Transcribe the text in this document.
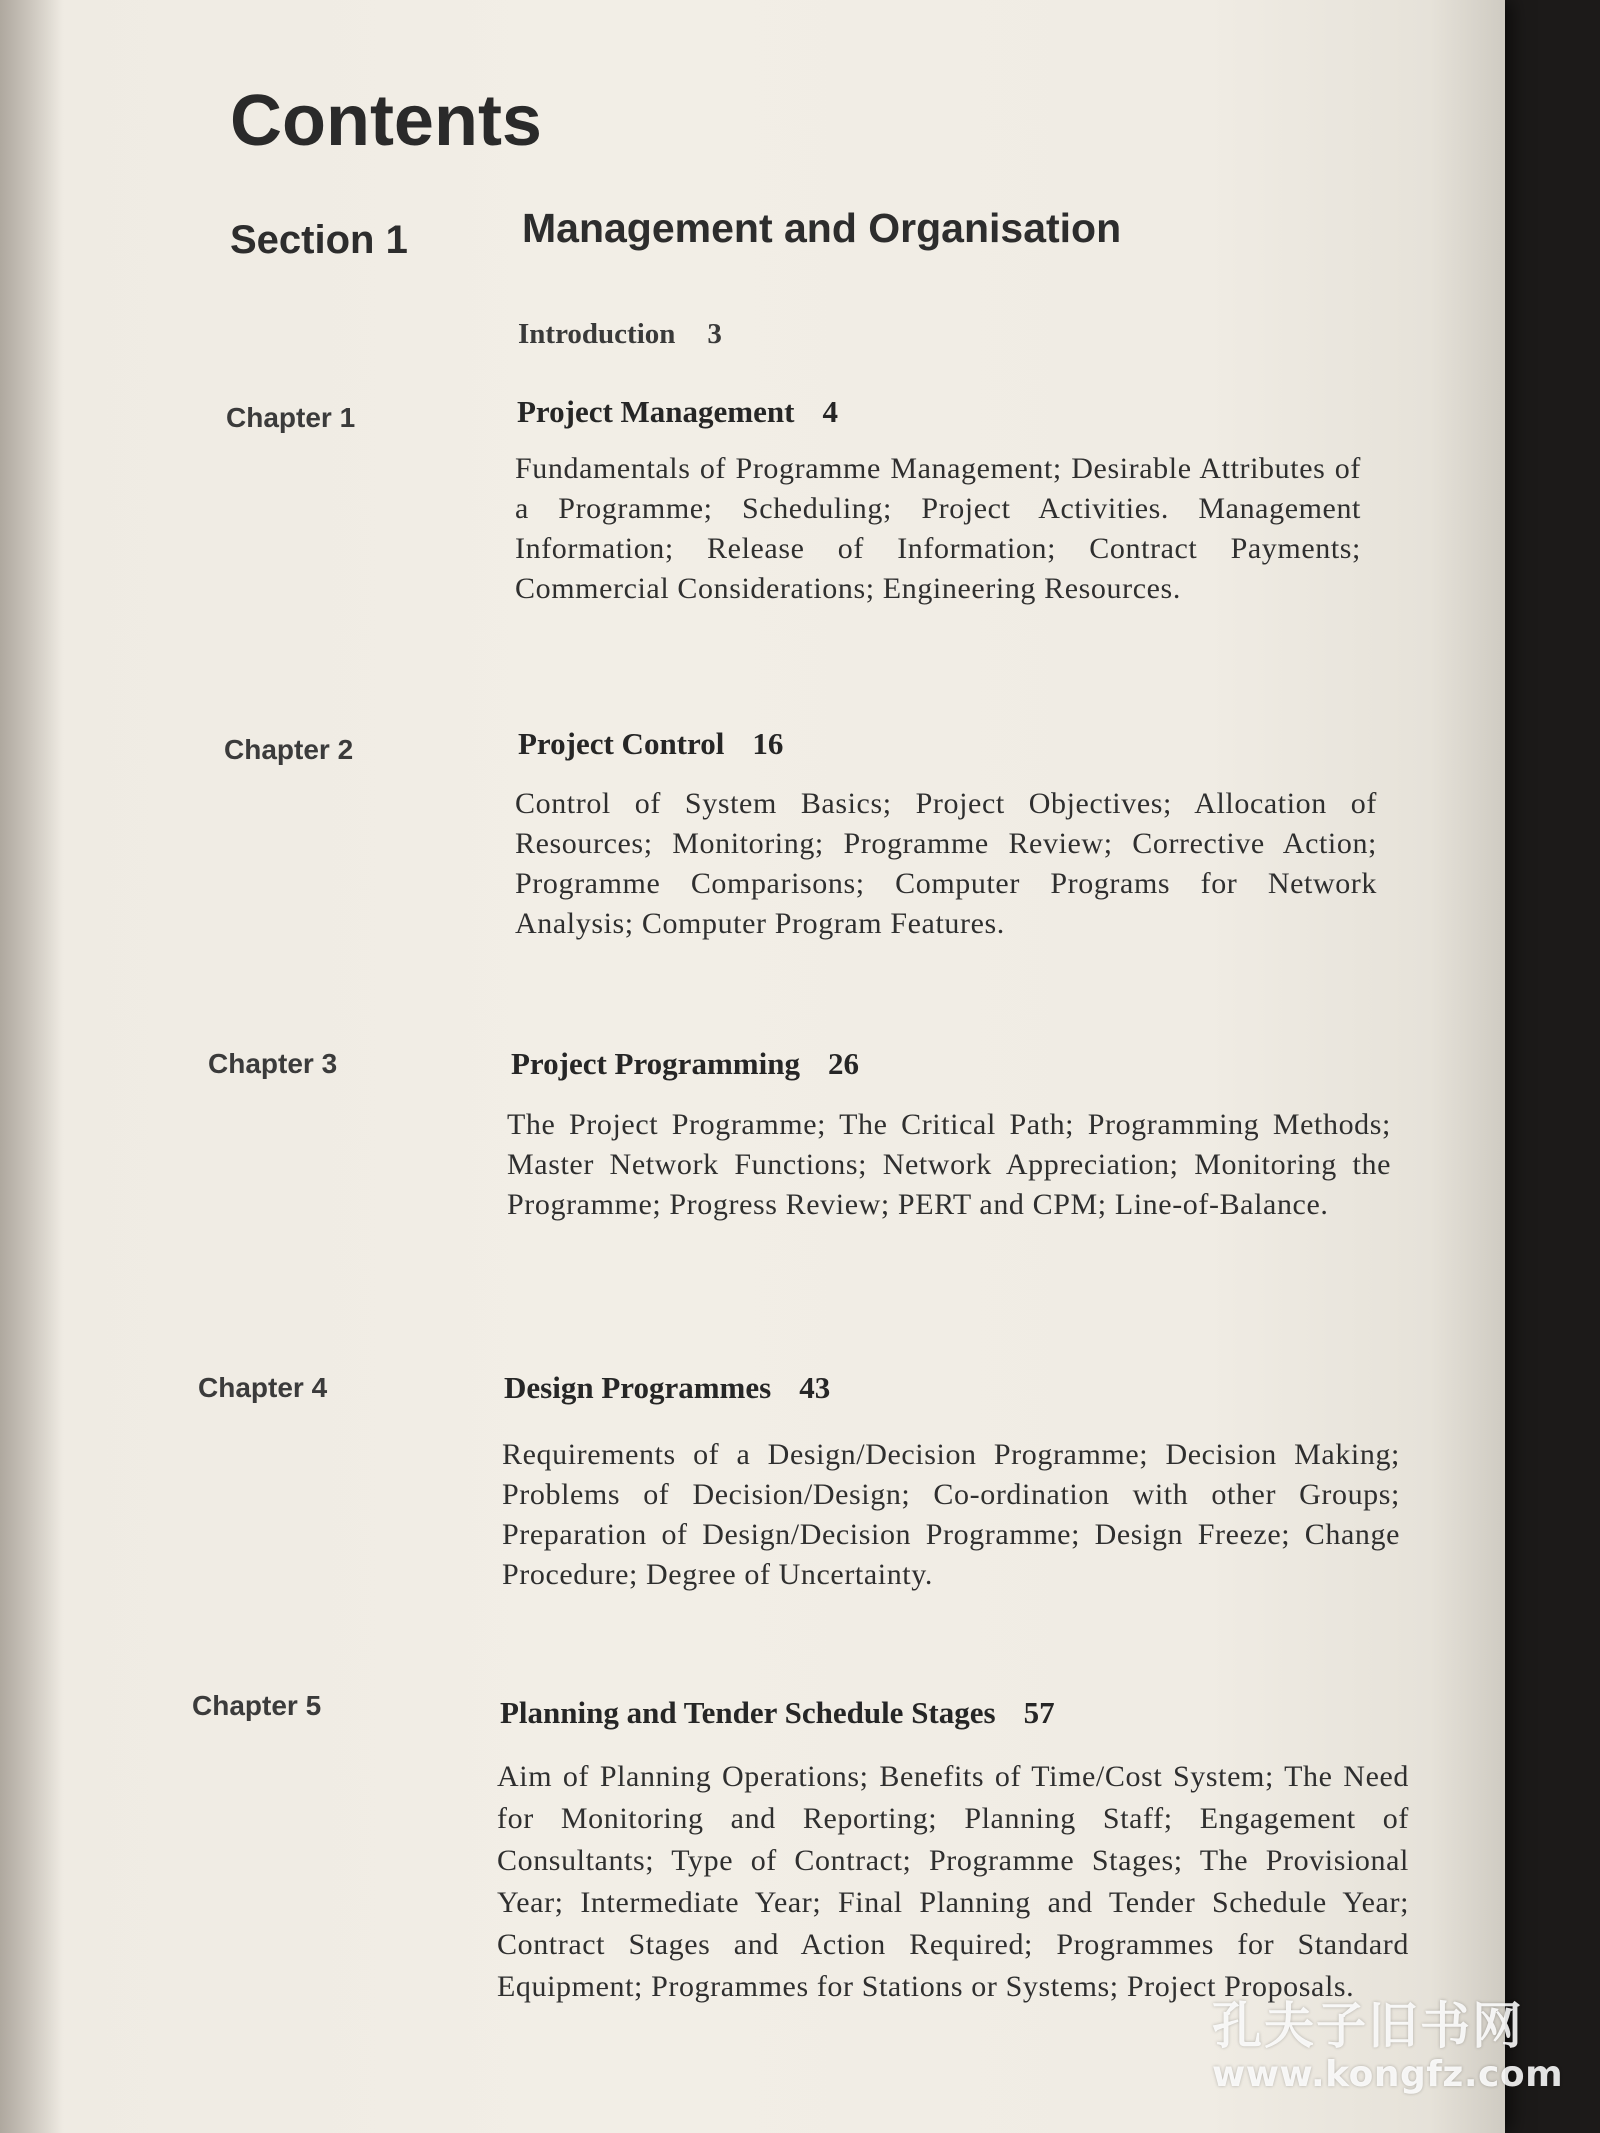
Contents
Section 1	Management and Organisation
Introduction 3
Chapter 1	Project Management 4
Fundamentals of Programme Management; Desirable Attributes of a Programme; Scheduling; Project Activities. Management Information; Release of Information; Contract Payments; Commercial Considerations; Engineering Resources.
Chapter 2	Project Control 16
Control of System Basics; Project Objectives; Allocation of Resources; Monitoring; Programme Review; Corrective Action; Programme Comparisons; Computer Programs for Network Analysis; Computer Program Features.
Chapter 3	Project Programming 26
The Project Programme; The Critical Path; Programming Methods; Master Network Functions; Network Appreciation; Monitoring the Programme; Progress Review; PERT and CPM; Line-of-Balance.
Chapter 4	Design Programmes 43
Requirements of a Design/Decision Programme; Decision Making; Problems of Decision/Design; Co-ordination with other Groups; Preparation of Design/Decision Programme; Design Freeze; Change Procedure; Degree of Uncertainty.
Chapter 5	Planning and Tender Schedule Stages 57
Aim of Planning Operations; Benefits of Time/Cost System; The Need for Monitoring and Reporting; Planning Staff; Engagement of Consultants; Type of Contract; Programme Stages; The Provisional Year; Intermediate Year; Final Planning and Tender Schedule Year; Contract Stages and Action Required; Programmes for Standard Equipment; Programmes for Stations or Systems; Project Proposals.
孔夫子旧书网
www.kongfz.com
